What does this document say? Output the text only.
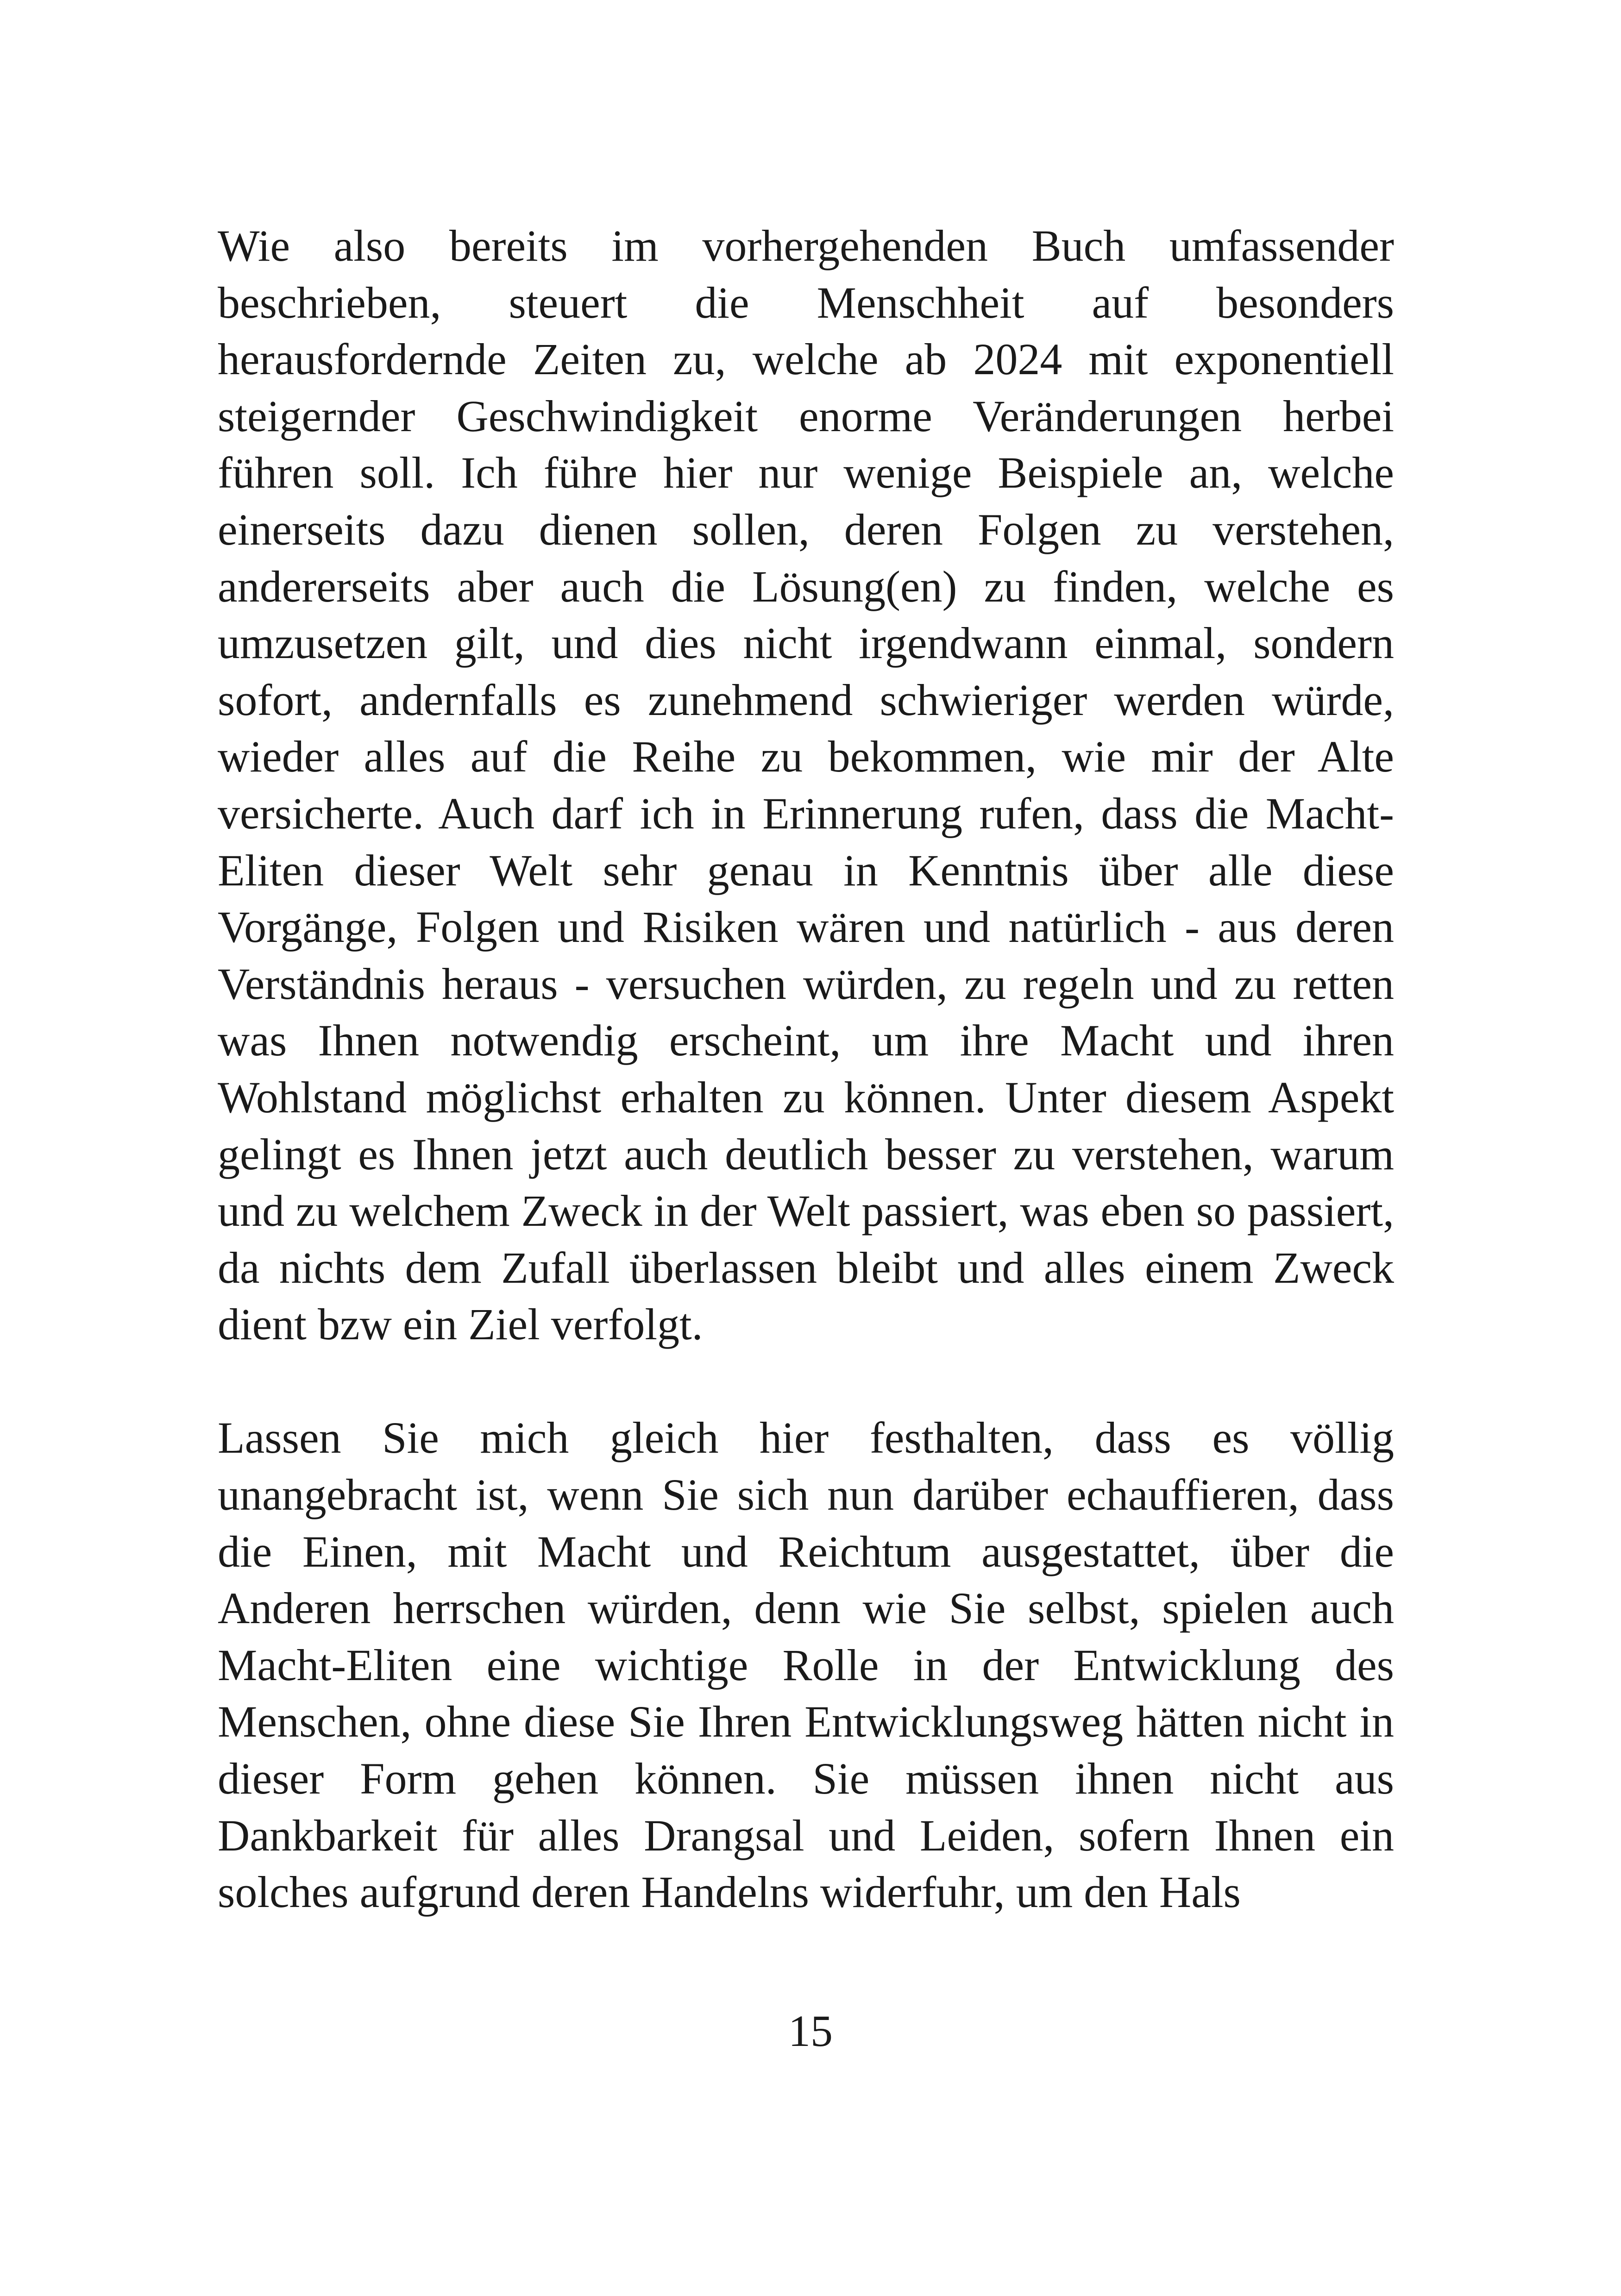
Wie also bereits im vorhergehenden Buch umfassender beschrieben, steuert die Menschheit auf besonders herausfordernde Zeiten zu, welche ab 2024 mit exponentiell steigernder Geschwindigkeit enorme Veränderungen herbei führen soll. Ich führe hier nur wenige Beispiele an, welche einerseits dazu dienen sollen, deren Folgen zu verstehen, andererseits aber auch die Lösung(en) zu finden, welche es umzusetzen gilt, und dies nicht irgendwann einmal, sondern sofort, andernfalls es zunehmend schwieriger werden würde, wieder alles auf die Reihe zu bekommen, wie mir der Alte versicherte. Auch darf ich in Erinnerung rufen, dass die Macht-Eliten dieser Welt sehr genau in Kenntnis über alle diese Vorgänge, Folgen und Risiken wären und natürlich - aus deren Verständnis heraus - versuchen würden, zu regeln und zu retten was Ihnen notwendig erscheint, um ihre Macht und ihren Wohlstand möglichst erhalten zu können. Unter diesem Aspekt gelingt es Ihnen jetzt auch deutlich besser zu verstehen, warum und zu welchem Zweck in der Welt passiert, was eben so passiert, da nichts dem Zufall überlassen bleibt und alles einem Zweck dient bzw ein Ziel verfolgt.

Lassen Sie mich gleich hier festhalten, dass es völlig unangebracht ist, wenn Sie sich nun darüber echauffieren, dass die Einen, mit Macht und Reichtum ausgestattet, über die Anderen herrschen würden, denn wie Sie selbst, spielen auch Macht-Eliten eine wichtige Rolle in der Entwicklung des Menschen, ohne diese Sie Ihren Entwicklungsweg hätten nicht in dieser Form gehen können. Sie müssen ihnen nicht aus Dankbarkeit für alles Drangsal und Leiden, sofern Ihnen ein solches aufgrund deren Handelns widerfuhr, um den Hals

15
